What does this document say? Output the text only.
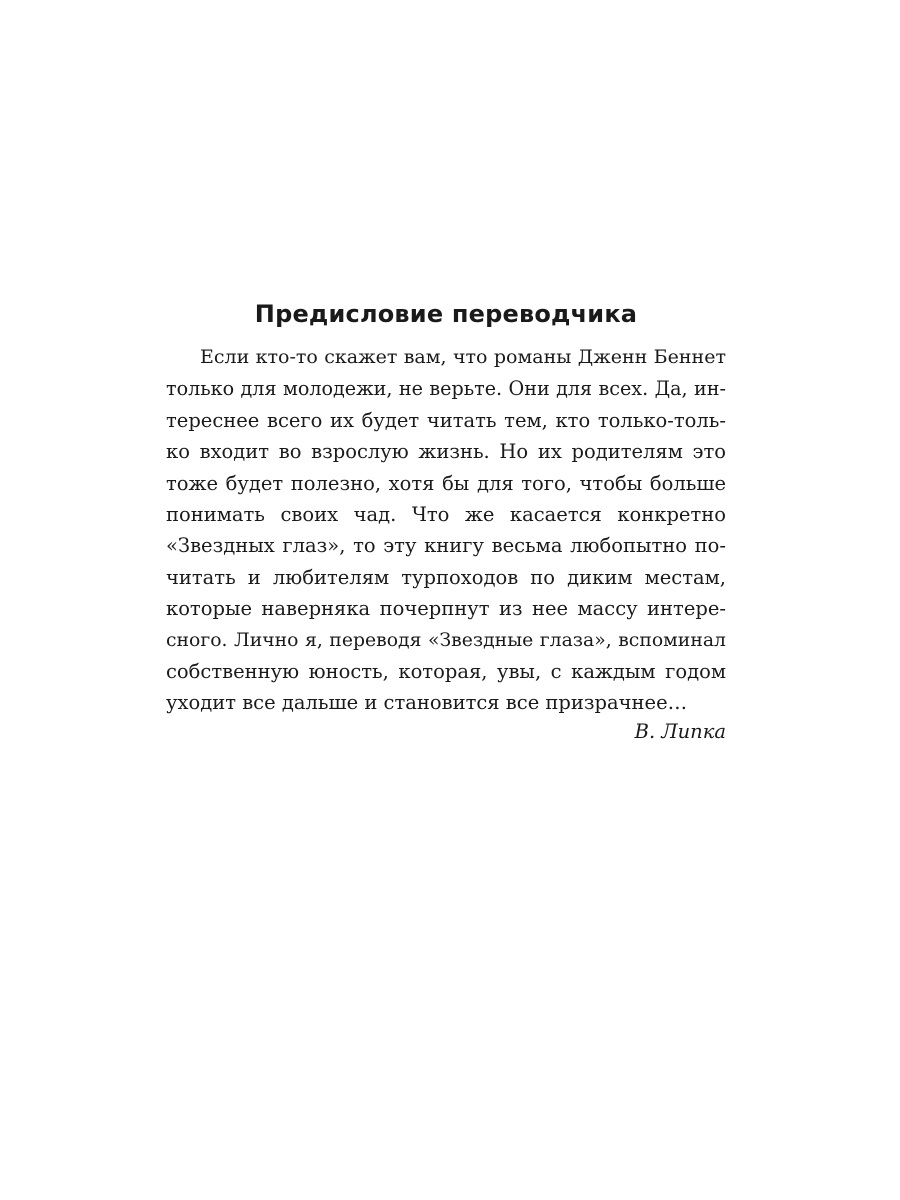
Предисловие переводчика
Если кто-то скажет вам, что романы Дженн Беннет
только для молодежи, не верьте. Они для всех. Да, ин-
тереснее всего их будет читать тем, кто только-толь-
ко входит во взрослую жизнь. Но их родителям это
тоже будет полезно, хотя бы для того, чтобы больше
понимать своих чад. Что же касается конкретно
«Звездных глаз», то эту книгу весьма любопытно по-
читать и любителям турпоходов по диким местам,
которые наверняка почерпнут из нее массу интере-
сного. Лично я, переводя «Звездные глаза», вспоминал
собственную юность, которая, увы, с каждым годом
уходит все дальше и становится все призрачнее…
В. Липка
